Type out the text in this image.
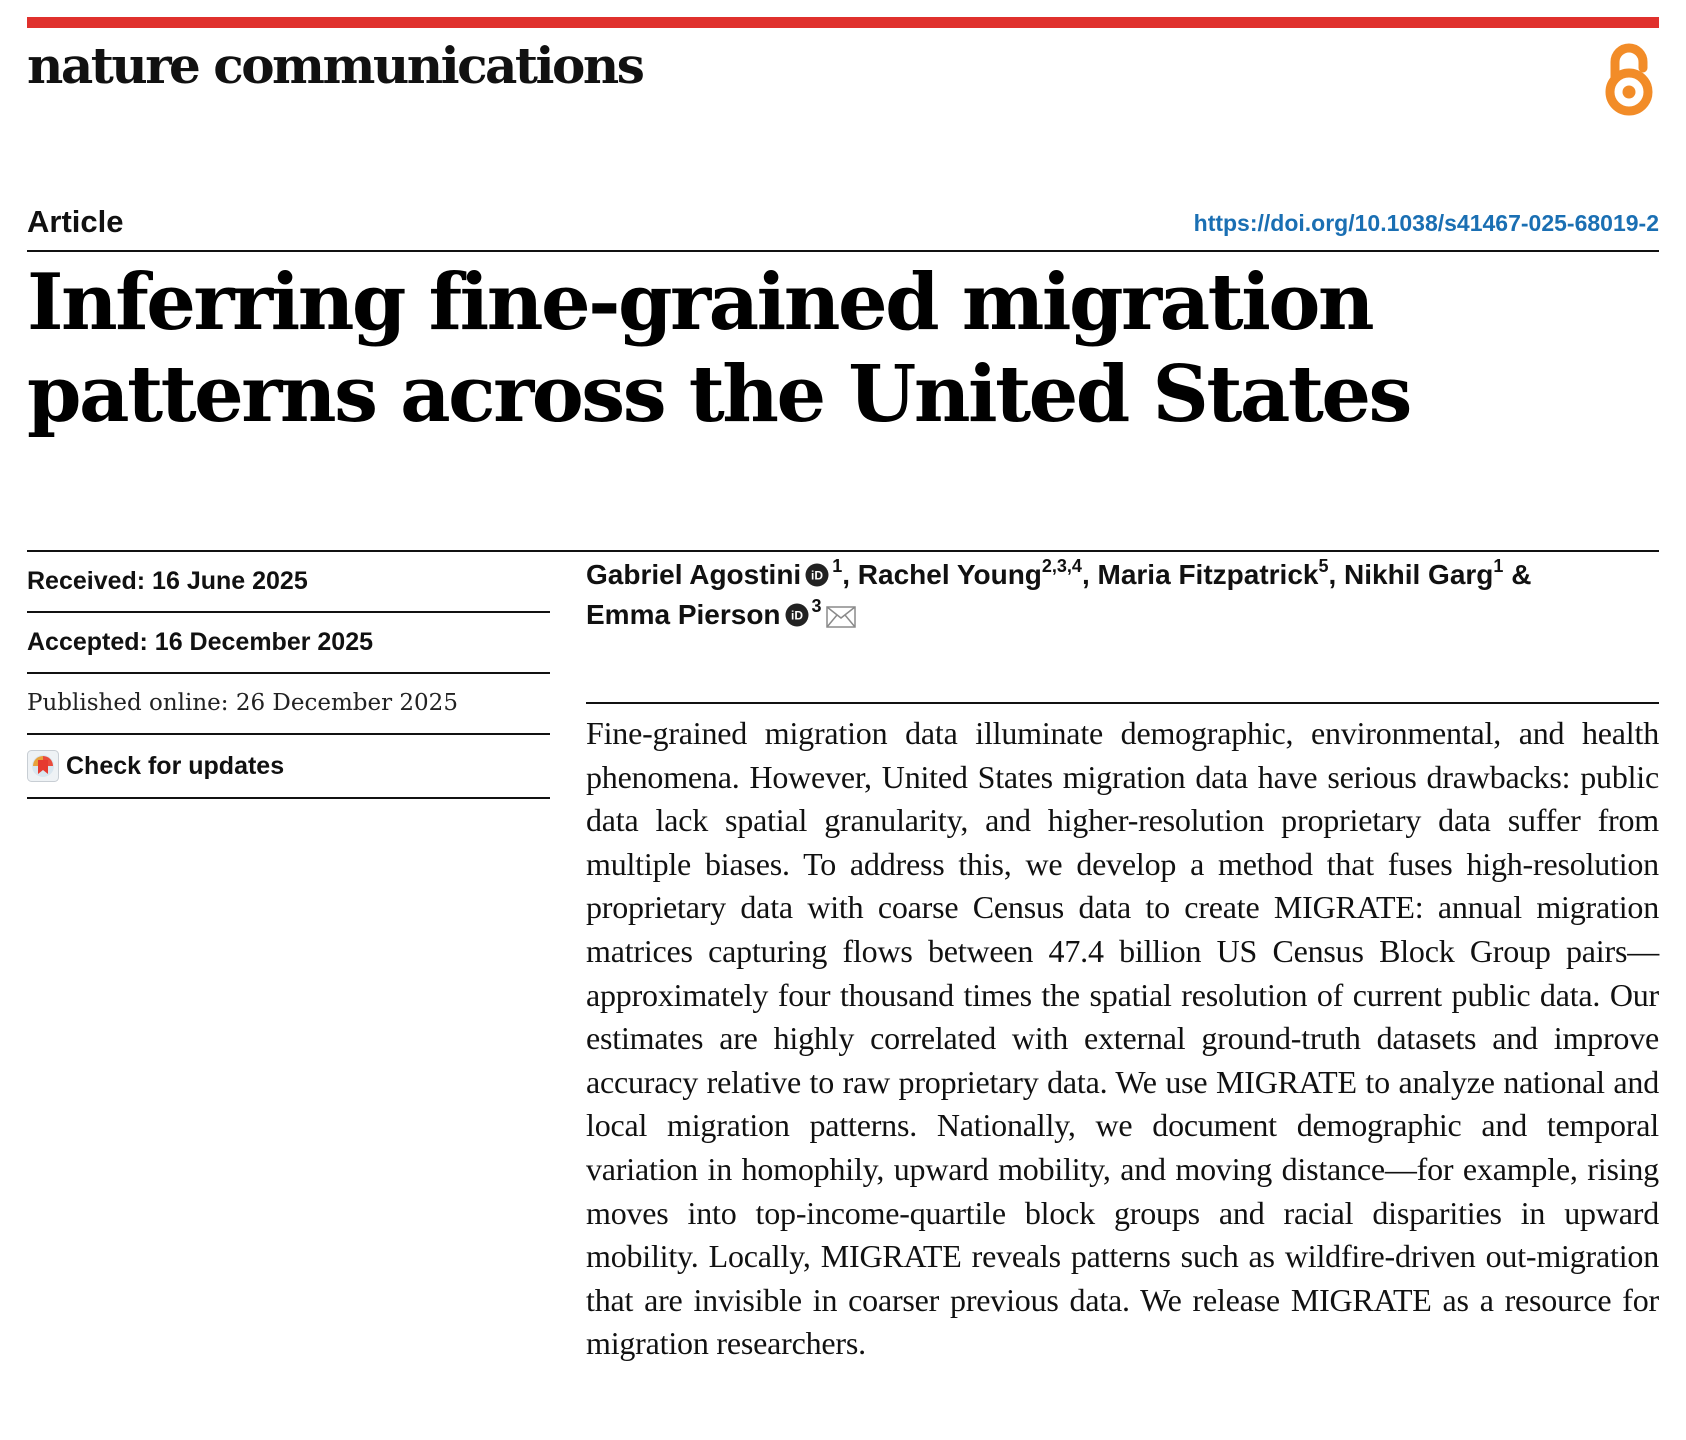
nature communications
Article	https://doi.org/10.1038/s41467-025-68019-2
Inferring fine-grained migration patterns across the United States
Received: 16 June 2025
Accepted: 16 December 2025
Published online: 26 December 2025
Check for updates
Gabriel Agostini iD $^1$, Rachel Young$^{2,3,4}$, Maria Fitzpatrick$^5$, Nikhil Garg$^1$ &
Emma Pierson iD $^3$

Fine-grained migration data illuminate demographic, environmental, and health phenomena. However, United States migration data have serious drawbacks: public data lack spatial granularity, and higher-resolution proprietary data suffer from multiple biases. To address this, we develop a method that fuses high-resolution proprietary data with coarse Census data to create MIGRATE: annual migration matrices capturing flows between 47.4 billion US Census Block Group pairs—approximately four thousand times the spatial resolution of current public data. Our estimates are highly correlated with external ground-truth datasets and improve accuracy relative to raw proprietary data. We use MIGRATE to analyze national and local migration patterns. Nationally, we document demographic and temporal variation in homophily, upward mobility, and moving distance—for example, rising moves into top-income-quartile block groups and racial disparities in upward mobility. Locally, MIGRATE reveals patterns such as wildfire-driven out-migration that are invisible in coarser previous data. We release MIGRATE as a resource for migration researchers.
